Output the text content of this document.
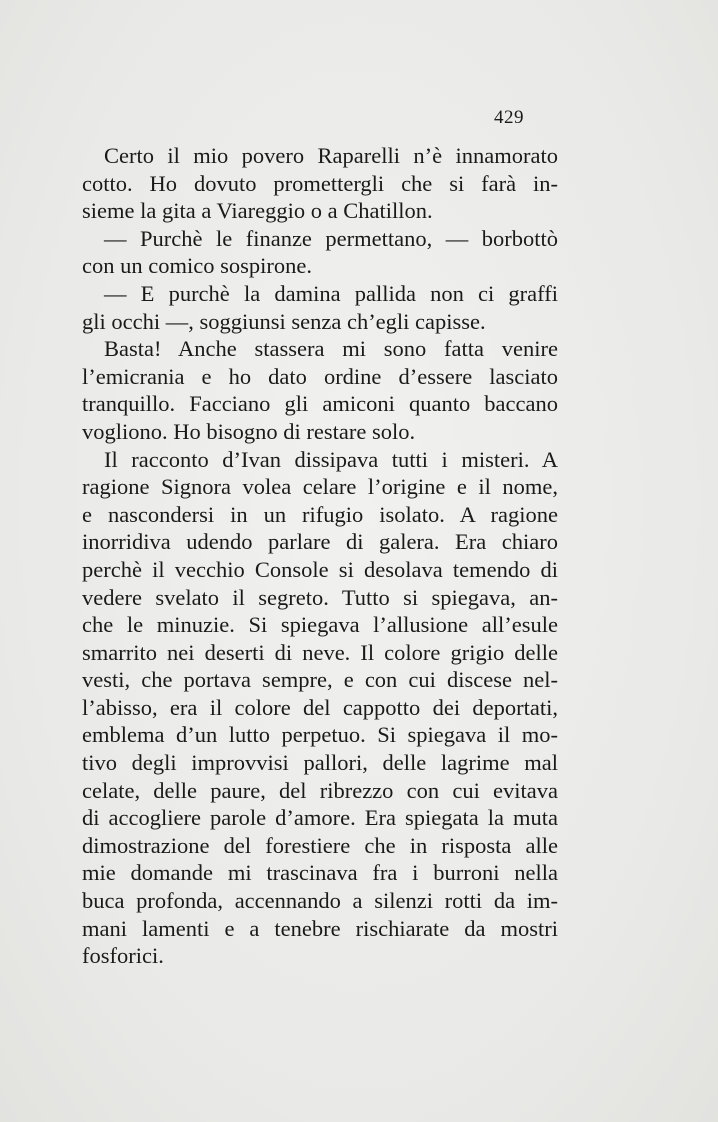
429
Certo il mio povero Raparelli n’è innamorato
cotto. Ho dovuto promettergli che si farà in-
sieme la gita a Viareggio o a Chatillon.
— Purchè le finanze permettano, — borbottò
con un comico sospirone.
— E purchè la damina pallida non ci graffi
gli occhi —, soggiunsi senza ch’egli capisse.
Basta! Anche stassera mi sono fatta venire
l’emicrania e ho dato ordine d’essere lasciato
tranquillo. Facciano gli amiconi quanto baccano
vogliono. Ho bisogno di restare solo.
Il racconto d’Ivan dissipava tutti i misteri. A
ragione Signora volea celare l’origine e il nome,
e nascondersi in un rifugio isolato. A ragione
inorridiva udendo parlare di galera. Era chiaro
perchè il vecchio Console si desolava temendo di
vedere svelato il segreto. Tutto si spiegava, an-
che le minuzie. Si spiegava l’allusione all’esule
smarrito nei deserti di neve. Il colore grigio delle
vesti, che portava sempre, e con cui discese nel-
l’abisso, era il colore del cappotto dei deportati,
emblema d’un lutto perpetuo. Si spiegava il mo-
tivo degli improvvisi pallori, delle lagrime mal
celate, delle paure, del ribrezzo con cui evitava
di accogliere parole d’amore. Era spiegata la muta
dimostrazione del forestiere che in risposta alle
mie domande mi trascinava fra i burroni nella
buca profonda, accennando a silenzi rotti da im-
mani lamenti e a tenebre rischiarate da mostri
fosforici.
